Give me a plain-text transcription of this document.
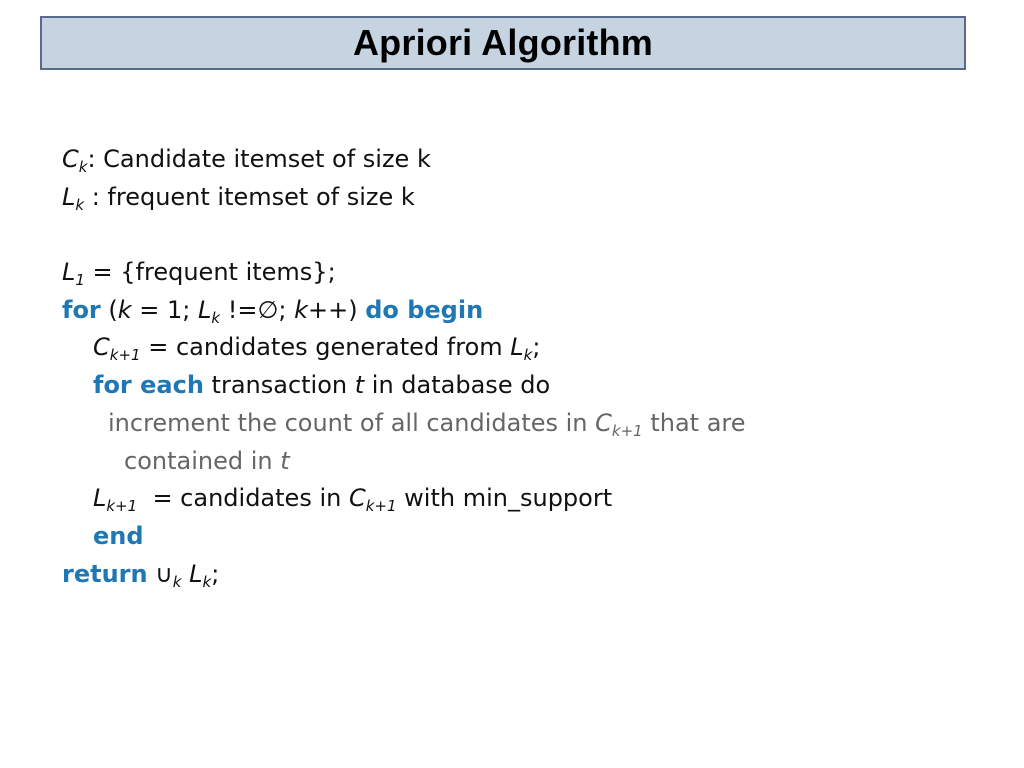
Apriori Algorithm
$C_k$: Candidate itemset of size k
$L_k$ : frequent itemset of size k
$L_1$ = {frequent items};
for (k = 1; $L_k$ !=∅; k++) do begin
$C_{k+1}$ = candidates generated from $L_k$;
for each transaction t in database do
increment the count of all candidates in $C_{k+1}$ that are
contained in t
$L_{k+1}$  = candidates in $C_{k+1}$ with min_support
end
return $\cup_k$ $L_k$;
